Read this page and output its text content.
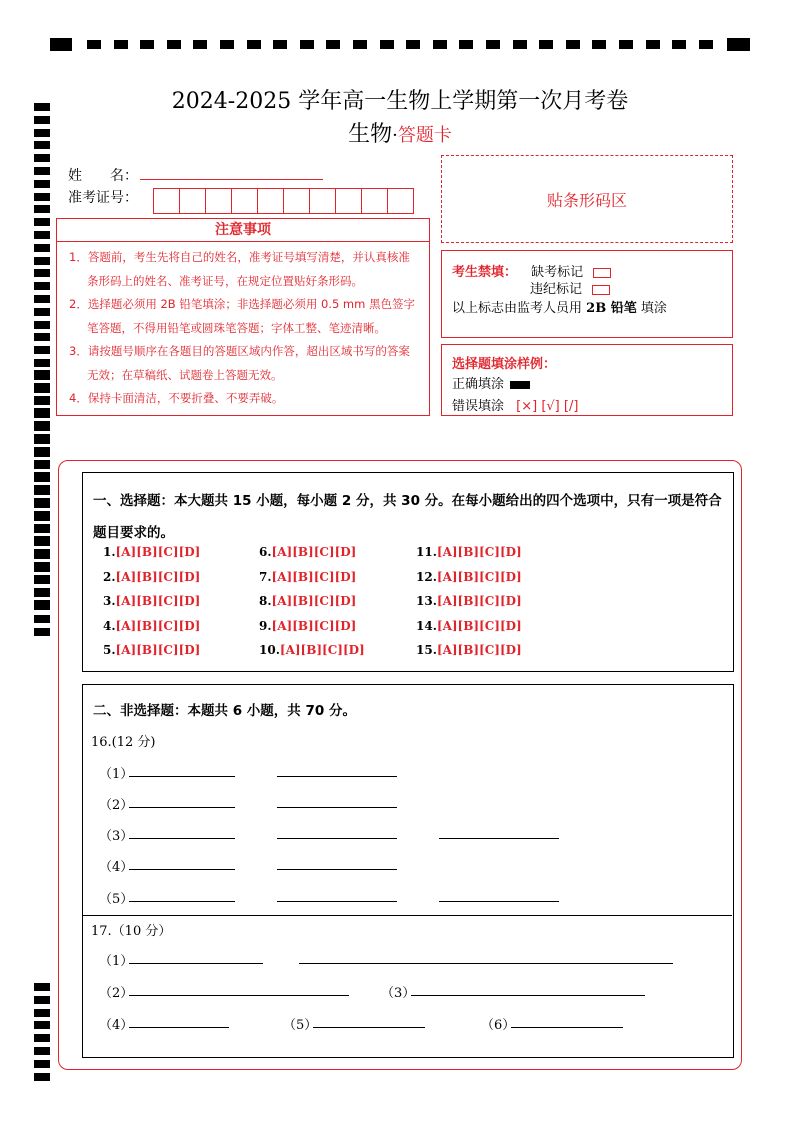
2024-2025 学年高一生物上学期第一次月考卷
生物·答题卡
姓　　名：
准考证号：	贴条形码区
注意事项
1．答题前，考生先将自己的姓名，准考证号填写清楚，并认真核准条形码上的姓名、准考证号，在规定位置贴好条形码。
2．选择题必须用 2B 铅笔填涂；非选择题必须用 0.5 mm 黑色签字笔答题，不得用铅笔或圆珠笔答题；字体工整、笔迹清晰。
3．请按题号顺序在各题目的答题区域内作答，超出区域书写的答案无效；在草稿纸、试题卷上答题无效。
4．保持卡面清洁，不要折叠、不要弄破。
考生禁填： 缺考标记
违纪标记
以上标志由监考人员用 2B 铅笔 填涂
选择题填涂样例：
正确填涂
错误填涂 [×] [√] [/]
一、选择题：本大题共 15 小题，每小题 2 分，共 30 分。在每小题给出的四个选项中，只有一项是符合题目要求的。
1.[A][B][C][D]
2.[A][B][C][D]
3.[A][B][C][D]
4.[A][B][C][D]
5.[A][B][C][D]
6.[A][B][C][D]
7.[A][B][C][D]
8.[A][B][C][D]
9.[A][B][C][D]
10.[A][B][C][D]
11.[A][B][C][D]
12.[A][B][C][D]
13.[A][B][C][D]
14.[A][B][C][D]
15.[A][B][C][D]
二、非选择题：本题共 6 小题，共 70 分。
16.(12 分)
（1）
（2）
（3）
（4）
（5）
17.（10 分）
（1）
（2）	（3）
（4）	（5）	（6）
